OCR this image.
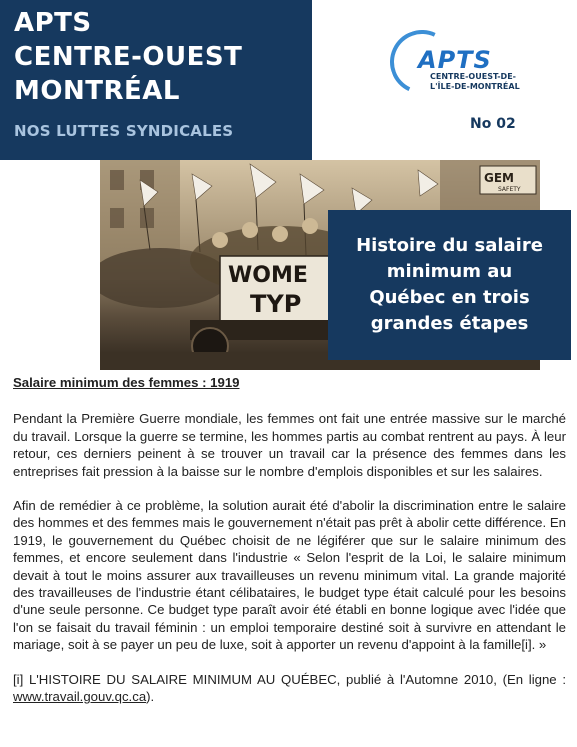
APTS
CENTRE-OUEST
MONTRÉAL
NOS LUTTES SYNDICALES
APTS
CENTRE-OUEST-DE-
L'ÎLE-DE-MONTRÉAL
No 02
GEM
SAFETY
WOME
TYP
Histoire du salaire
minimum au
Québec en trois
grandes étapes

Salaire minimum des femmes : 1919

Pendant la Première Guerre mondiale, les femmes ont fait une entrée massive sur le marché du travail. Lorsque la guerre se termine, les hommes partis au combat rentrent au pays. À leur retour, ces derniers peinent à se trouver un travail car la présence des femmes dans les entreprises fait pression à la baisse sur le nombre d'emplois disponibles et sur les salaires.

Afin de remédier à ce problème, la solution aurait été d'abolir la discrimination entre le salaire des hommes et des femmes mais le gouvernement n'était pas prêt à abolir cette différence. En 1919, le gouvernement du Québec choisit de ne légiférer que sur le salaire minimum des femmes, et encore seulement dans l'industrie « Selon l'esprit de la Loi, le salaire minimum devait à tout le moins assurer aux travailleuses un revenu minimum vital. La grande majorité des travailleuses de l'industrie étant célibataires, le budget type était calculé pour les besoins d'une seule personne. Ce budget type paraît avoir été établi en bonne logique avec l'idée que l'on se faisait du travail féminin : un emploi temporaire destiné soit à survivre en attendant le mariage, soit à se payer un peu de luxe, soit à apporter un revenu d'appoint à la famille[i]. »

[i] L'HISTOIRE DU SALAIRE MINIMUM AU QUÉBEC, publié à l'Automne 2010, (En ligne : www.travail.gouv.qc.ca).
